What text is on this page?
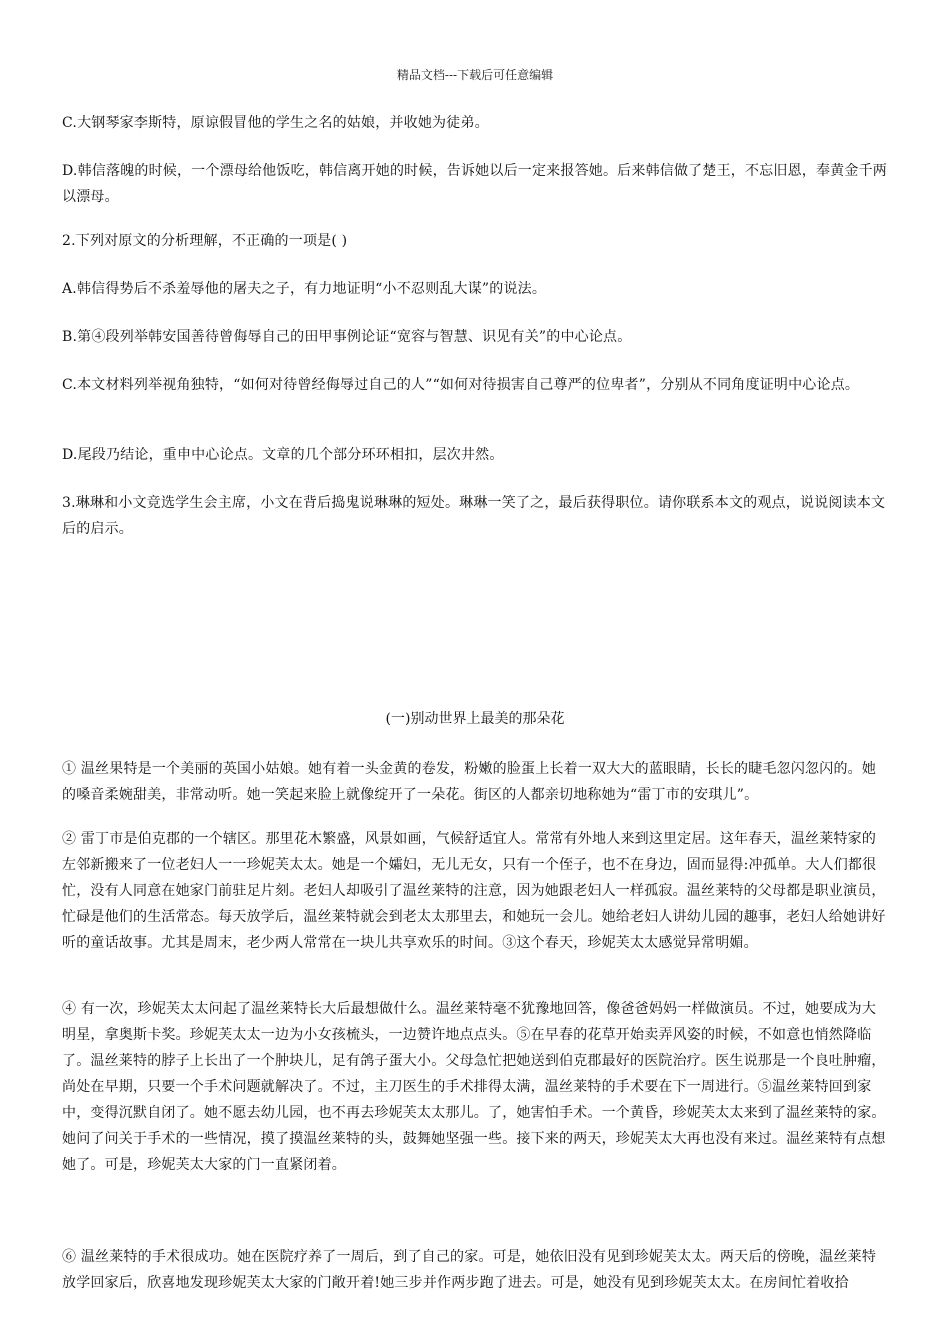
精品文档---下载后可任意编辑

C.大钢琴家李斯特，原谅假冒他的学生之名的姑娘，并收她为徒弟。

D.韩信落魄的时候，一个漂母给他饭吃，韩信离开她的时候，告诉她以后一定来报答她。后来韩信做了楚王，不忘旧恩，奉黄金千两以漂母。

2.下列对原文的分析理解，不正确的一项是( )

A.韩信得势后不杀羞辱他的屠夫之子，有力地证明“小不忍则乱大谋”的说法。

B.第④段列举韩安国善待曾侮辱自己的田甲事例论证“宽容与智慧、识见有关”的中心论点。

C.本文材料列举视角独特，“如何对待曾经侮辱过自己的人”“如何对待损害自己尊严的位卑者”，分别从不同角度证明中心论点。

D.尾段乃结论，重申中心论点。文章的几个部分环环相扣，层次井然。

3.琳琳和小文竞选学生会主席，小文在背后捣鬼说琳琳的短处。琳琳一笑了之，最后获得职位。请你联系本文的观点，说说阅读本文后的启示。

(一)别动世界上最美的那朵花

① 温丝果特是一个美丽的英国小姑娘。她有着一头金黄的卷发，粉嫩的脸蛋上长着一双大大的蓝眼睛，长长的睫毛忽闪忽闪的。她的嗓音柔婉甜美，非常动听。她一笑起来脸上就像绽开了一朵花。街区的人都亲切地称她为“雷丁市的安琪儿”。

② 雷丁市是伯克郡的一个辖区。那里花木繁盛，风景如画，气候舒适宜人。常常有外地人来到这里定居。这年春天，温丝莱特家的左邻新搬来了一位老妇人一一珍妮芙太太。她是一个孀妇，无儿无女，只有一个侄子，也不在身边，固而显得:冲孤单。大人们都很忙，没有人同意在她家门前驻足片刻。老妇人却吸引了温丝莱特的注意，因为她跟老妇人一样孤寂。温丝莱特的父母都是职业演员，忙碌是他们的生活常态。每天放学后，温丝莱特就会到老太太那里去，和她玩一会儿。她给老妇人讲幼儿园的趣事，老妇人给她讲好听的童话故事。尤其是周末，老少两人常常在一块儿共享欢乐的时间。③这个春天，珍妮芙太太感觉异常明媚。

④ 有一次，珍妮芙太太问起了温丝莱特长大后最想做什么。温丝莱特毫不犹豫地回答，像爸爸妈妈一样做演员。不过，她要成为大明星，拿奥斯卡奖。珍妮芙太太一边为小女孩梳头，一边赞许地点点头。⑤在早春的花草开始卖弄风姿的时候，不如意也悄然降临了。温丝莱特的脖子上长出了一个肿块儿，足有鸽子蛋大小。父母急忙把她送到伯克郡最好的医院治疗。医生说那是一个良吐肿瘤，尚处在早期，只要一个手术问题就解决了。不过，主刀医生的手术排得太满，温丝莱特的手术要在下一周进行。⑤温丝莱特回到家中，变得沉默自闭了。她不愿去幼儿园，也不再去珍妮芙太太那儿。了，她害怕手术。一个黄昏，珍妮芙太太来到了温丝莱特的家。她问了问关于手术的一些情况，摸了摸温丝莱特的头，鼓舞她坚强一些。接下来的两天，珍妮芙太大再也没有来过。温丝莱特有点想她了。可是，珍妮芙太大家的门一直紧闭着。

⑥ 温丝莱特的手术很成功。她在医院疗养了一周后，到了自己的家。可是，她依旧没有见到珍妮芙太太。两天后的傍晚，温丝莱特放学回家后，欣喜地发现珍妮芙太大家的门敞开着!她三步并作两步跑了进去。可是，她没有见到珍妮芙太太。在房间忙着收拾
